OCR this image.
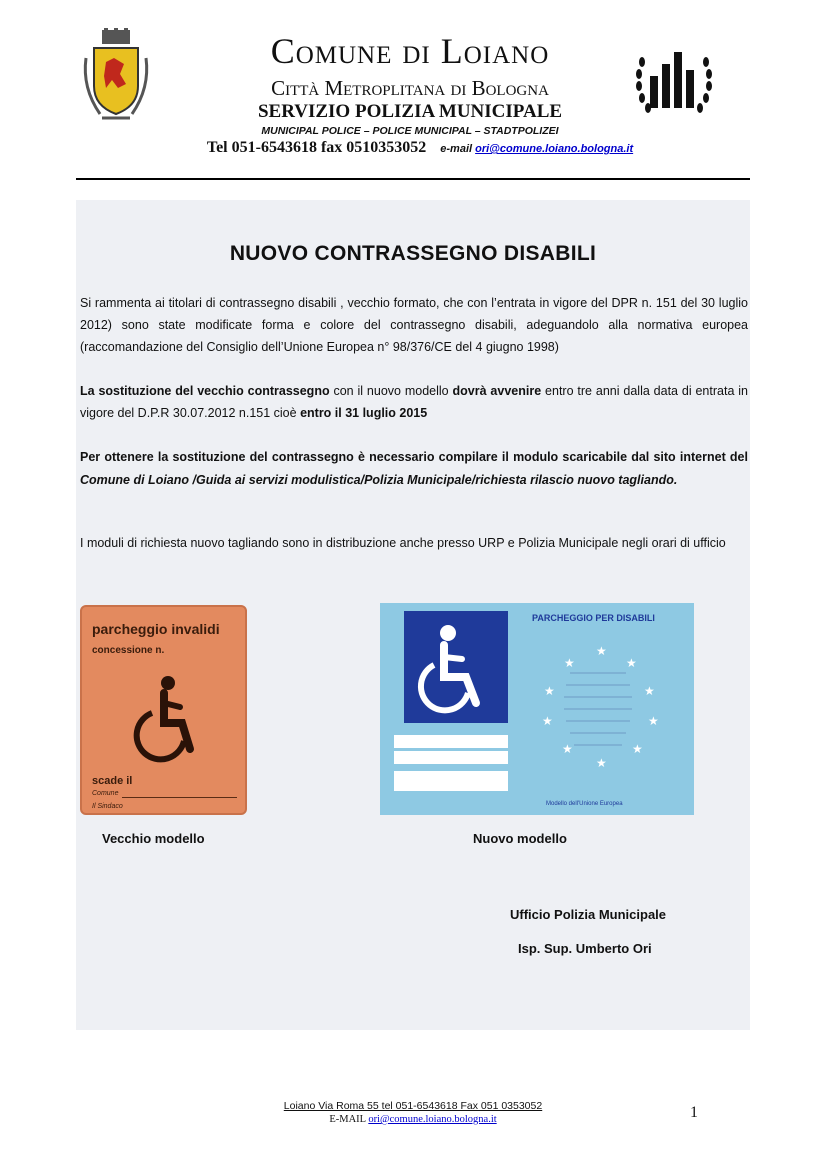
Comune di Loiano
Città Metroplitana di Bologna
SERVIZIO POLIZIA MUNICIPALE
MUNICIPAL POLICE – POLICE MUNICIPAL – STADTPOLIZEI
Tel 051-6543618 fax 0510353052 e-mail ori@comune.loiano.bologna.it
NUOVO CONTRASSEGNO DISABILI
Si rammenta ai titolari di contrassegno disabili , vecchio formato, che con l’entrata in vigore del DPR n. 151 del 30 luglio 2012) sono state modificate forma e colore del contrassegno disabili, adeguandolo alla normativa europea (raccomandazione del Consiglio dell’Unione Europea n° 98/376/CE del 4 giugno 1998)
La sostituzione del vecchio contrassegno con il nuovo modello dovrà avvenire entro tre anni dalla data di entrata in vigore del D.P.R 30.07.2012 n.151 cioè entro il 31 luglio 2015
Per ottenere la sostituzione del contrassegno è necessario compilare il modulo scaricabile dal sito internet del Comune di Loiano /Guida ai servizi modulistica/Polizia Municipale/richiesta rilascio nuovo tagliando.
I moduli di richiesta nuovo tagliando sono in distribuzione anche presso URP e Polizia Municipale negli orari di ufficio
parcheggio invalidi
concessione n.
scade il
Comune
Il Sindaco
PARCHEGGIO PER DISABILI
★
★
★
★
★
★
★
★
★
★
Modello dell'Unione Europea
Vecchio modello	Nuovo modello
Ufficio Polizia Municipale
Isp. Sup. Umberto Ori
Loiano Via Roma 55 tel 051-6543618 Fax 051 0353052
E-MAIL ori@comune.loiano.bologna.it	1
